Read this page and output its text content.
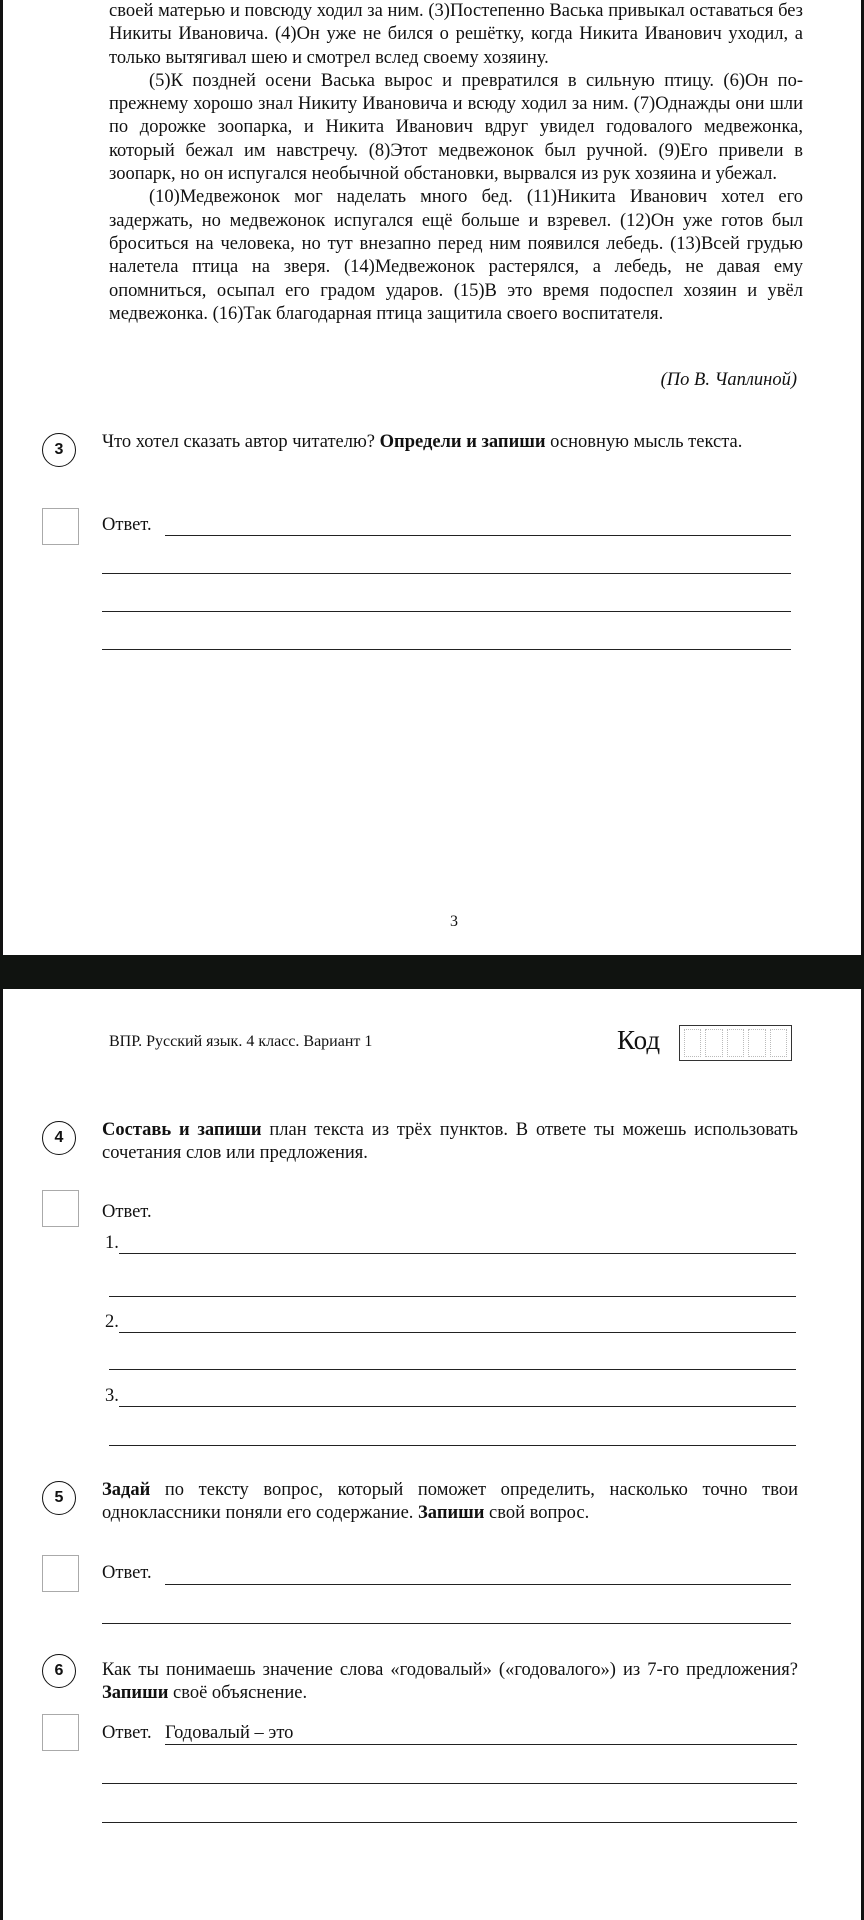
своей матерью и повсюду ходил за ним. (3)Постепенно Васька привыкал оставаться без Никиты Ивановича. (4)Он уже не бился о решётку, когда Никита Иванович уходил, а только вытягивал шею и смотрел вслед своему хозяину.

(5)К поздней осени Васька вырос и превратился в сильную птицу. (6)Он по-прежнему хорошо знал Никиту Ивановича и всюду ходил за ним. (7)Однажды они шли по дорожке зоопарка, и Никита Иванович вдруг увидел годовалого медвежонка, который бежал им навстречу. (8)Этот медвежонок был ручной. (9)Его привели в зоопарк, но он испугался необычной обстановки, вырвался из рук хозяина и убежал.

(10)Медвежонок мог наделать много бед. (11)Никита Иванович хотел его задержать, но медвежонок испугался ещё больше и взревел. (12)Он уже готов был броситься на человека, но тут внезапно перед ним появился лебедь. (13)Всей грудью налетела птица на зверя. (14)Медвежонок растерялся, а лебедь, не давая ему опомниться, осыпал его градом ударов. (15)В это время подоспел хозяин и увёл медвежонка. (16)Так благодарная птица защитила своего воспитателя.

(По В. Чаплиной)
3	Что хотел сказать автор читателю? Определи и запиши основную мысль текста.
Ответ.
3
ВПР. Русский язык. 4 класс. Вариант 1	Код
4	Составь и запиши план текста из трёх пунктов. В ответе ты можешь использовать сочетания слов или предложения.
Ответ.
1.
2.
3.
5	Задай по тексту вопрос, который поможет определить, насколько точно твои одноклассники поняли его содержание. Запиши свой вопрос.
Ответ.
6	Как ты понимаешь значение слова «годовалый» («годовалого») из 7-го предложения? Запиши своё объяснение.
Ответ. Годовалый – это
